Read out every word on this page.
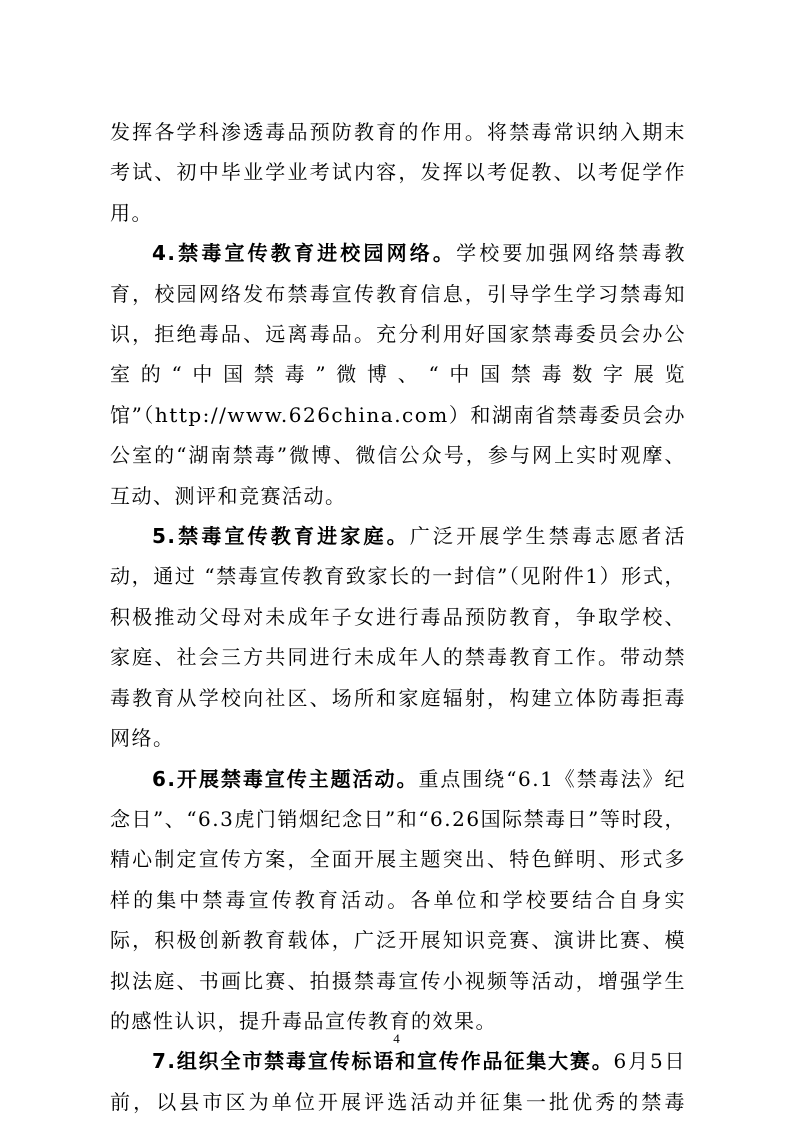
发挥各学科渗透毒品预防教育的作用。将禁毒常识纳入期末考试、初中毕业学业考试内容，发挥以考促教、以考促学作用。

4.禁毒宣传教育进校园网络。学校要加强网络禁毒教育，校园网络发布禁毒宣传教育信息，引导学生学习禁毒知识，拒绝毒品、远离毒品。充分利用好国家禁毒委员会办公室的“中国禁毒”微博、“中国禁毒数字展览馆”（http://www.626china.com）和湖南省禁毒委员会办公室的“湖南禁毒”微博、微信公众号，参与网上实时观摩、互动、测评和竞赛活动。

5.禁毒宣传教育进家庭。广泛开展学生禁毒志愿者活动，通过 “禁毒宣传教育致家长的一封信”（见附件1）形式，积极推动父母对未成年子女进行毒品预防教育，争取学校、家庭、社会三方共同进行未成年人的禁毒教育工作。带动禁毒教育从学校向社区、场所和家庭辐射，构建立体防毒拒毒网络。

6.开展禁毒宣传主题活动。重点围绕“6.1《禁毒法》纪念日”、“6.3虎门销烟纪念日”和“6.26国际禁毒日”等时段，精心制定宣传方案，全面开展主题突出、特色鲜明、形式多样的集中禁毒宣传教育活动。各单位和学校要结合自身实际，积极创新教育载体，广泛开展知识竞赛、演讲比赛、模拟法庭、书画比赛、拍摄禁毒宣传小视频等活动，增强学生的感性认识，提升毒品宣传教育的效果。

7.组织全市禁毒宣传标语和宣传作品征集大赛。6月5日前，以县市区为单位开展评选活动并征集一批优秀的禁毒

4
